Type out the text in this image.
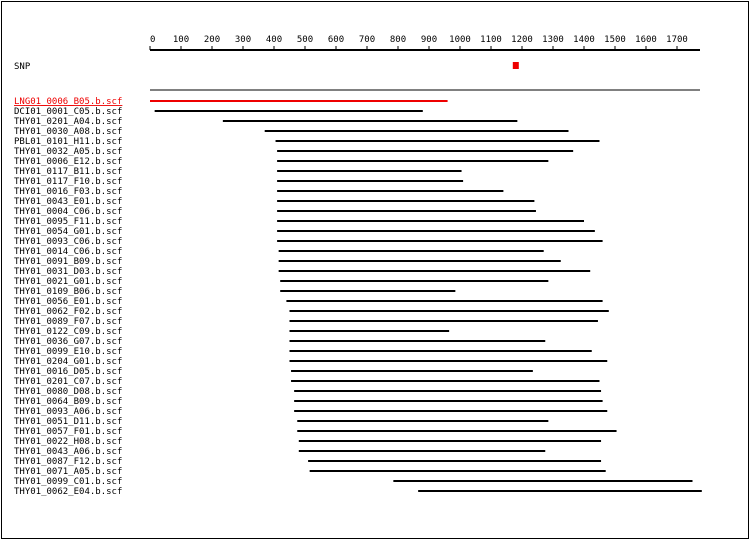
0 100 200 300 400 500 600 700 800 900 1000 1100 1200 1300 1400 1500 1600 1700
SNP
LNG01_0006_B05.b.scf
DCI01_0001_C05.b.scf
THY01_0201_A04.b.scf
THY01_0030_A08.b.scf
PBL01_0101_H11.b.scf
THY01_0032_A05.b.scf
THY01_0006_E12.b.scf
THY01_0117_B11.b.scf
THY01_0117_F10.b.scf
THY01_0016_F03.b.scf
THY01_0043_E01.b.scf
THY01_0004_C06.b.scf
THY01_0095_F11.b.scf
THY01_0054_G01.b.scf
THY01_0093_C06.b.scf
THY01_0014_C06.b.scf
THY01_0091_B09.b.scf
THY01_0031_D03.b.scf
THY01_0021_G01.b.scf
THY01_0109_B06.b.scf
THY01_0056_E01.b.scf
THY01_0062_F02.b.scf
THY01_0089_F07.b.scf
THY01_0122_C09.b.scf
THY01_0036_G07.b.scf
THY01_0099_E10.b.scf
THY01_0204_G01.b.scf
THY01_0016_D05.b.scf
THY01_0201_C07.b.scf
THY01_0080_D08.b.scf
THY01_0064_B09.b.scf
THY01_0093_A06.b.scf
THY01_0051_D11.b.scf
THY01_0057_F01.b.scf
THY01_0022_H08.b.scf
THY01_0043_A06.b.scf
THY01_0087_F12.b.scf
THY01_0071_A05.b.scf
THY01_0099_C01.b.scf
THY01_0062_E04.b.scf
